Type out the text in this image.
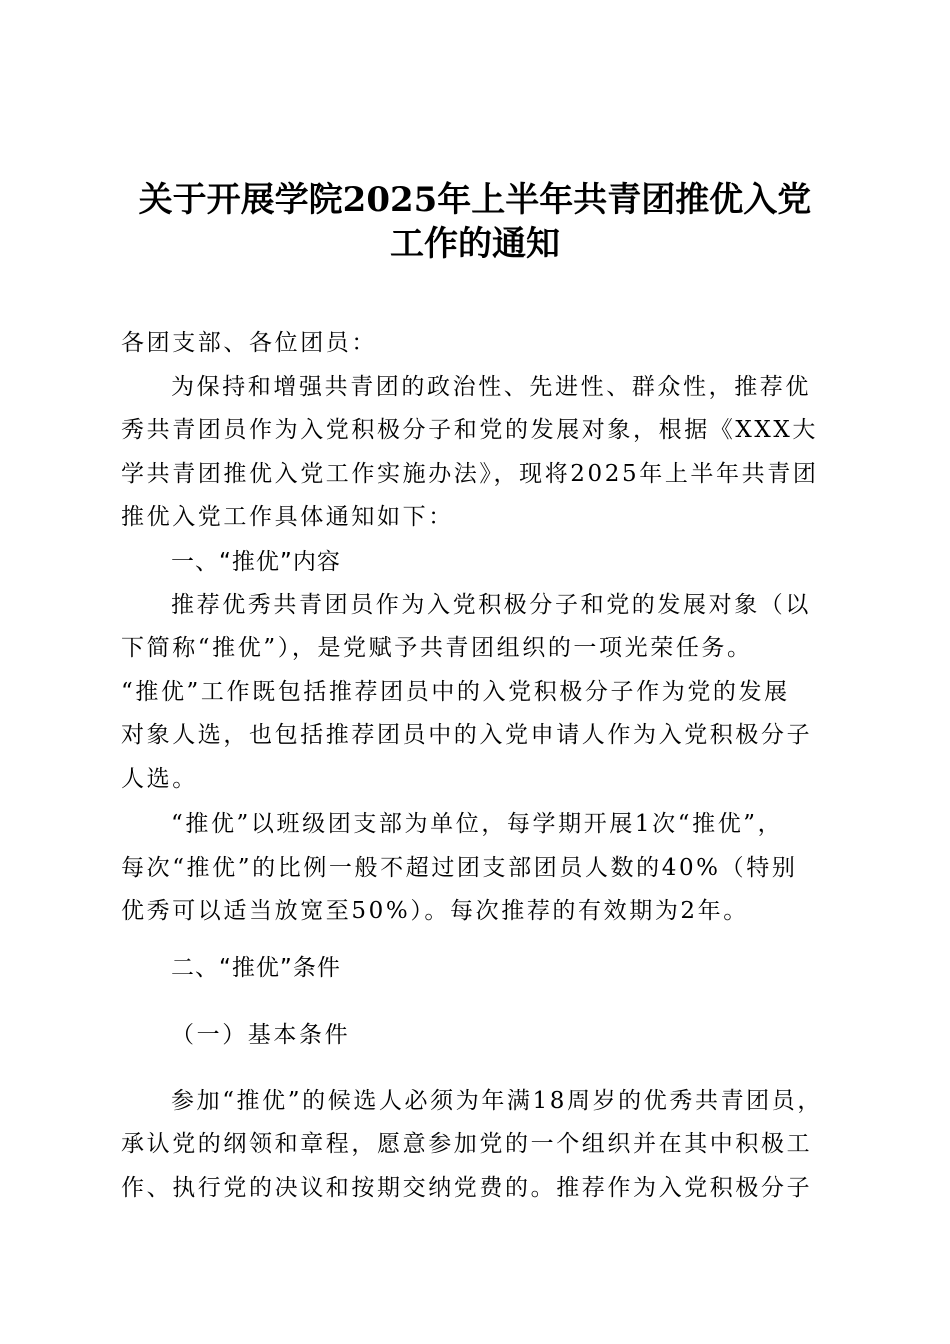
关于开展学院2025年上半年共青团推优入党
工作的通知

各团支部、各位团员：

为保持和增强共青团的政治性、先进性、群众性，推荐优

秀共青团员作为入党积极分子和党的发展对象，根据《XXX大

学共青团推优入党工作实施办法》，现将2025年上半年共青团

推优入党工作具体通知如下：

一、“推优”内容

推荐优秀共青团员作为入党积极分子和党的发展对象（以

下简称“推优”），是党赋予共青团组织的一项光荣任务。

“推优”工作既包括推荐团员中的入党积极分子作为党的发展

对象人选，也包括推荐团员中的入党申请人作为入党积极分子

人选。

“推优”以班级团支部为单位，每学期开展1次“推优”，

每次“推优”的比例一般不超过团支部团员人数的40%（特别

优秀可以适当放宽至50%）。每次推荐的有效期为2年。

二、“推优”条件

（一）基本条件

参加“推优”的候选人必须为年满18周岁的优秀共青团员，

承认党的纲领和章程，愿意参加党的一个组织并在其中积极工

作、执行党的决议和按期交纳党费的。推荐作为入党积极分子
